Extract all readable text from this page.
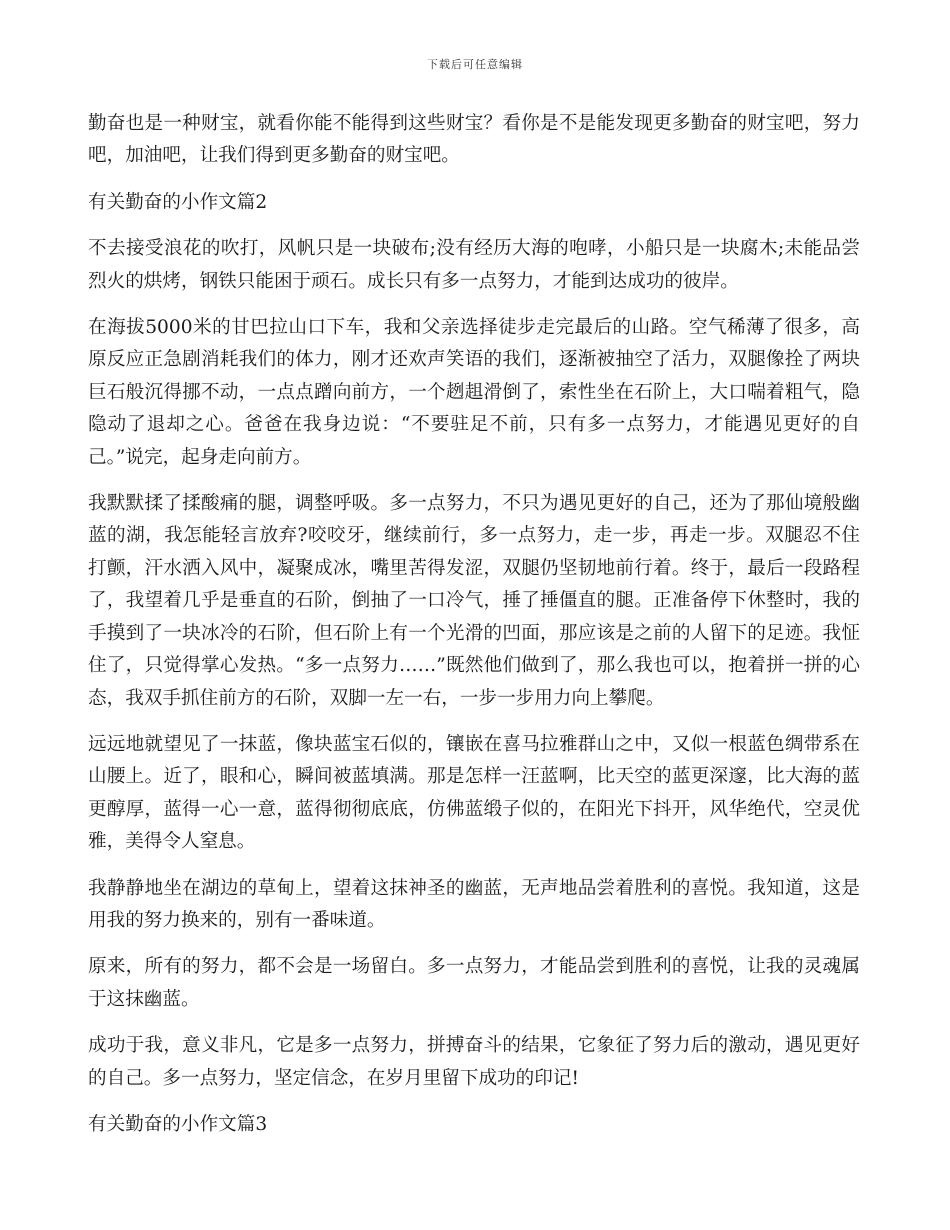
下载后可任意编辑

勤奋也是一种财宝，就看你能不能得到这些财宝？看你是不是能发现更多勤奋的财宝吧，努力吧，加油吧，让我们得到更多勤奋的财宝吧。

有关勤奋的小作文篇2

不去接受浪花的吹打，风帆只是一块破布;没有经历大海的咆哮，小船只是一块腐木;未能品尝烈火的烘烤，钢铁只能困于顽石。成长只有多一点努力，才能到达成功的彼岸。

在海拔5000米的甘巴拉山口下车，我和父亲选择徒步走完最后的山路。空气稀薄了很多，高原反应正急剧消耗我们的体力，刚才还欢声笑语的我们，逐渐被抽空了活力，双腿像拴了两块巨石般沉得挪不动，一点点蹭向前方，一个趔趄滑倒了，索性坐在石阶上，大口喘着粗气，隐隐动了退却之心。爸爸在我身边说：“不要驻足不前，只有多一点努力，才能遇见更好的自己。”说完，起身走向前方。

我默默揉了揉酸痛的腿，调整呼吸。多一点努力，不只为遇见更好的自己，还为了那仙境般幽蓝的湖，我怎能轻言放弃?咬咬牙，继续前行，多一点努力，走一步，再走一步。双腿忍不住打颤，汗水洒入风中，凝聚成冰，嘴里苦得发涩，双腿仍坚韧地前行着。终于，最后一段路程了，我望着几乎是垂直的石阶，倒抽了一口冷气，捶了捶僵直的腿。正准备停下休整时，我的手摸到了一块冰冷的石阶，但石阶上有一个光滑的凹面，那应该是之前的人留下的足迹。我怔住了，只觉得掌心发热。“多一点努力……”既然他们做到了，那么我也可以，抱着拼一拼的心态，我双手抓住前方的石阶，双脚一左一右，一步一步用力向上攀爬。

远远地就望见了一抹蓝，像块蓝宝石似的，镶嵌在喜马拉雅群山之中，又似一根蓝色绸带系在山腰上。近了，眼和心，瞬间被蓝填满。那是怎样一汪蓝啊，比天空的蓝更深邃，比大海的蓝更醇厚，蓝得一心一意，蓝得彻彻底底，仿佛蓝缎子似的，在阳光下抖开，风华绝代，空灵优雅，美得令人窒息。

我静静地坐在湖边的草甸上，望着这抹神圣的幽蓝，无声地品尝着胜利的喜悦。我知道，这是用我的努力换来的，别有一番味道。

原来，所有的努力，都不会是一场留白。多一点努力，才能品尝到胜利的喜悦，让我的灵魂属于这抹幽蓝。

成功于我，意义非凡，它是多一点努力，拼搏奋斗的结果，它象征了努力后的激动，遇见更好的自己。多一点努力，坚定信念，在岁月里留下成功的印记!

有关勤奋的小作文篇3
